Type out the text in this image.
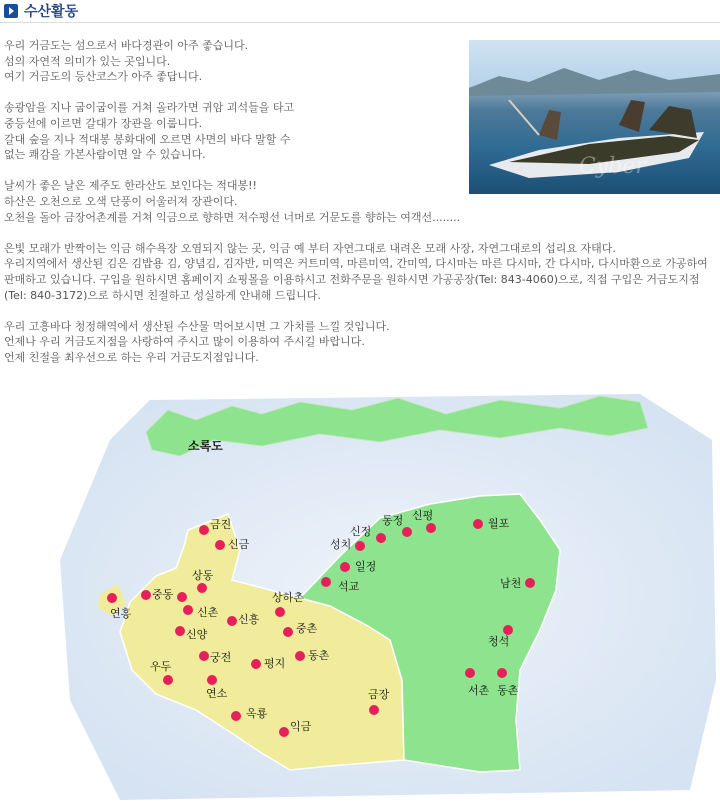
수산활동
우리 거금도는 섬으로서 바다경관이 아주 좋습니다.
섬의 자연적 의미가 있는 곳입니다.
여기 거금도의 등산코스가 아주 좋답니다.
송광암을 지나 굽이굽이를 거쳐 올라가면 귀암 괴석들을 타고
중등선에 이르면 갈대가 장관을 이룹니다.
갈대 숲을 지나 적대봉 봉화대에 오르면 사면의 바다 말할 수
없는 쾌감을 가본사람이면 알 수 있습니다.
날씨가 좋은 날은 제주도 한라산도 보인다는 적대봉!!
하산은 오천으로 오색 단풍이 어울러져 장관이다.
오천을 돌아 금장어촌계를 거쳐 익금으로 향하면 저수평선 너머로 거문도를 향하는 여객선........
은빛 모래가 반짝이는 익금 해수욕장 오염되지 않는 곳, 익금 예 부터 자연그대로 내려온 모래 사장, 자연그대로의 섭리요 자태다.
우리지역에서 생산된 김은 김밥용 김, 양념김, 김자반, 미역은 커트미역, 마른미역, 간미역, 다시마는 마른 다시마, 간 다시마, 다시마환으로 가공하여 판매하고 있습니다. 구입을 원하시면 홈페이지 쇼핑몰을 이용하시고 전화주문을 원하시면 가공공장(Tel: 843-4060)으로, 직접 구입은 거금도지점(Tel: 840-3172)으로 하시면 친절하고 성실하게 안내해 드립니다.
우리 고흥바다 청정해역에서 생산된 수산물 먹어보시면 그 가치를 느낄 것입니다.
언제나 우리 거금도지점을 사랑하여 주시고 많이 이용하여 주시길 바랍니다.
언제 친절을 최우선으로 하는 우리 거금도지점입니다.
Cyber
소록도
금진
신금
상동
중동
연홍	신촌
신흥
신양
상하촌
중촌
궁전	평지
동촌
우두
연소
옥룡
익금
금장
성치
신정
동정 신평
월포
일정
석교	남천
청석
서촌 동촌
